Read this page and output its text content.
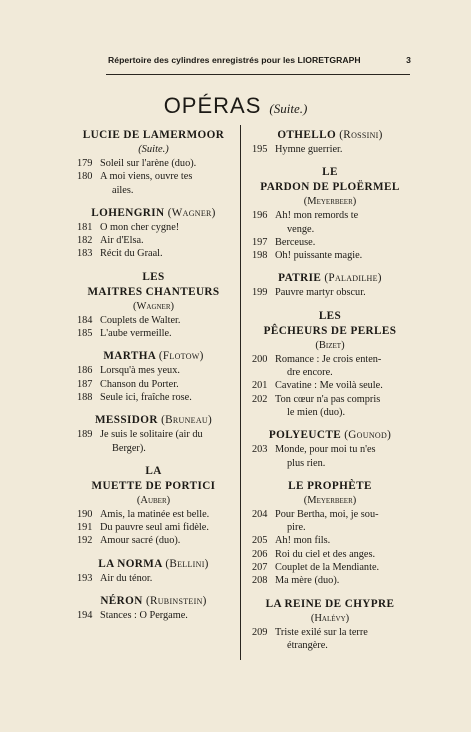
Répertoire des cylindres enregistrés pour les LIORETGRAPH	3
OPÉRAS (Suite.)
LUCIE DE LAMERMOOR
(Suite.)
179 Soleil sur l'arène (duo).
180 A moi viens, ouvre tes
ailes.
LOHENGRIN (Wagner)
181 O mon cher cygne!
182 Air d'Elsa.
183 Récit du Graal.
LES
MAITRES CHANTEURS
(Wagner)
184 Couplets de Walter.
185 L'aube vermeille.
MARTHA (Flotow)
186 Lorsqu'à mes yeux.
187 Chanson du Porter.
188 Seule ici, fraîche rose.
MESSIDOR (Bruneau)
189 Je suis le solitaire (air du
Berger).
LA
MUETTE DE PORTICI
(Auber)
190 Amis, la matinée est belle.
191 Du pauvre seul ami fidèle.
192 Amour sacré (duo).
LA NORMA (Bellini)
193 Air du ténor.
NÉRON (Rubinstein)
194 Stances : O Pergame.
OTHELLO (Rossini)
195 Hymne guerrier.
LE
PARDON DE PLOËRMEL
(Meyerbeer)
196 Ah! mon remords te
venge.
197 Berceuse.
198 Oh! puissante magie.
PATRIE (Paladilhe)
199 Pauvre martyr obscur.
LES
PÊCHEURS DE PERLES
(Bizet)
200 Romance : Je crois enten-
dre encore.
201 Cavatine : Me voilà seule.
202 Ton cœur n'a pas compris
le mien (duo).
POLYEUCTE (Gounod)
203 Monde, pour moi tu n'es
plus rien.
LE PROPHÈTE
(Meyerbeer)
204 Pour Bertha, moi, je sou-
pire.
205 Ah! mon fils.
206 Roi du ciel et des anges.
207 Couplet de la Mendiante.
208 Ma mère (duo).
LA REINE DE CHYPRE
(Halévy)
209 Triste exilé sur la terre
étrangère.
